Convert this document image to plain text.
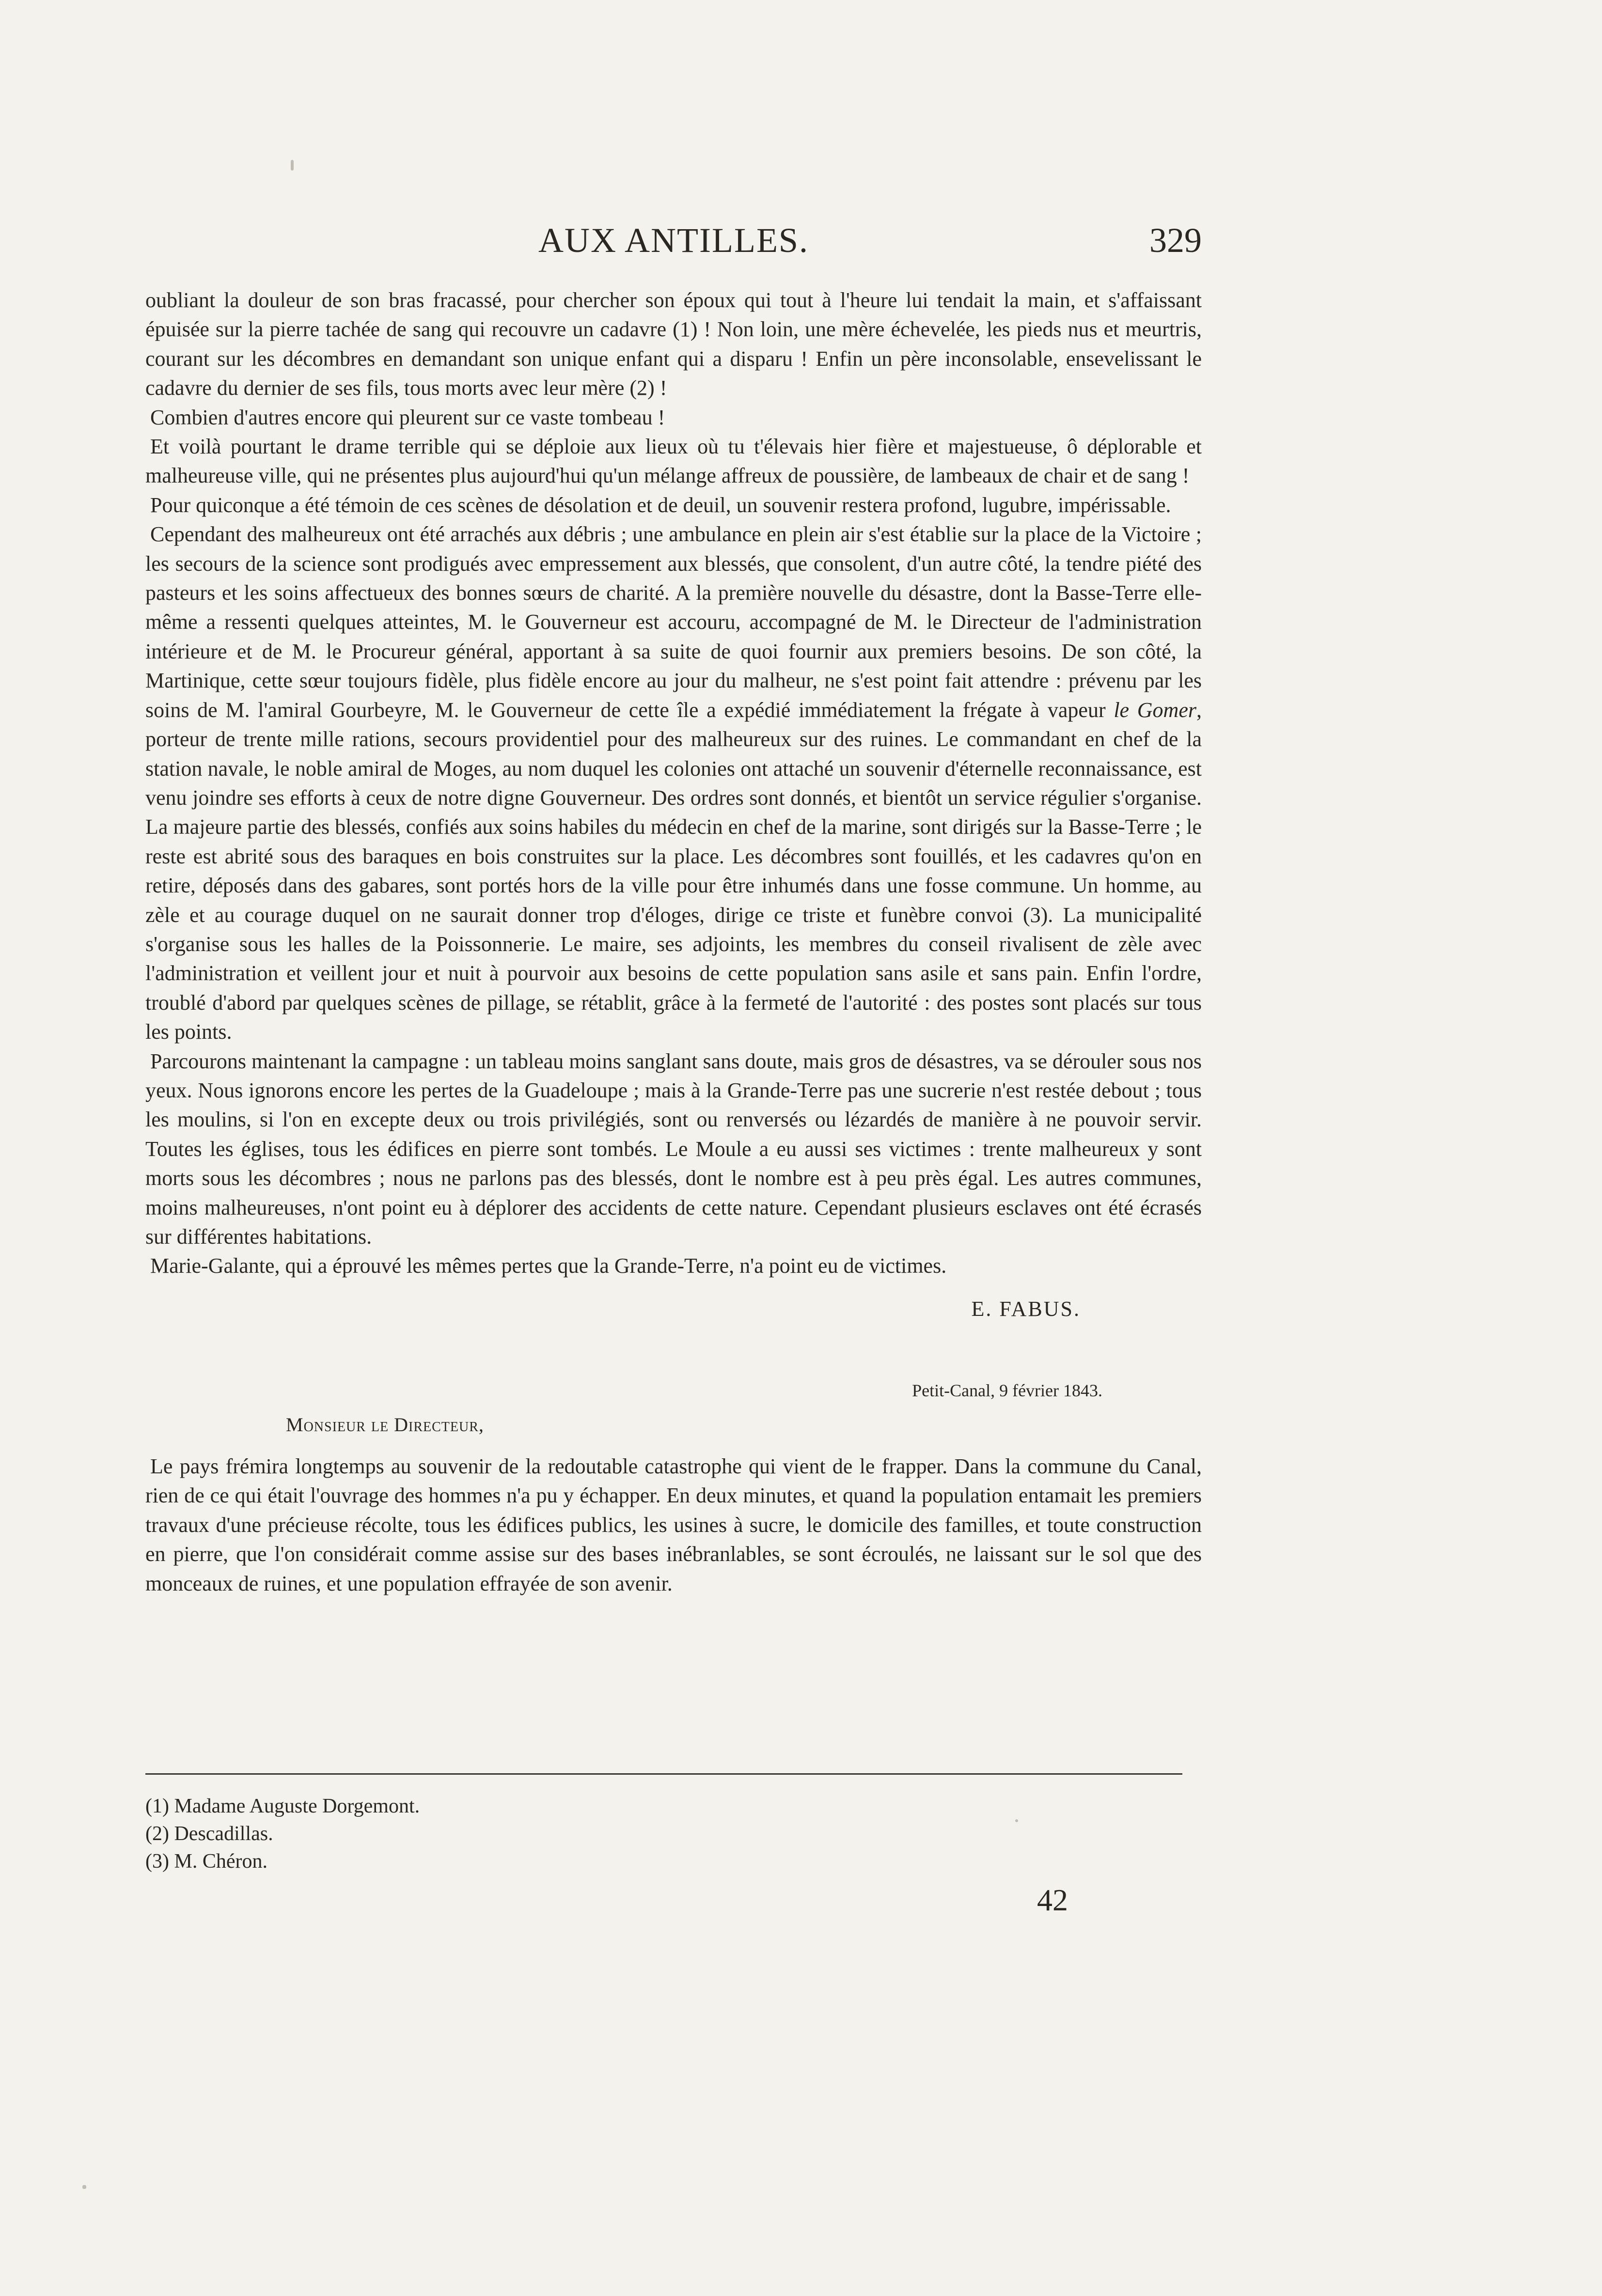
AUX ANTILLES.	329

oubliant la douleur de son bras fracassé, pour chercher son époux qui tout à l'heure lui tendait la main, et s'affaissant épuisée sur la pierre tachée de sang qui recouvre un cadavre (1) ! Non loin, une mère échevelée, les pieds nus et meurtris, courant sur les décombres en demandant son unique enfant qui a disparu ! Enfin un père inconsolable, ensevelissant le cadavre du dernier de ses fils, tous morts avec leur mère (2) !

Combien d'autres encore qui pleurent sur ce vaste tombeau !

Et voilà pourtant le drame terrible qui se déploie aux lieux où tu t'élevais hier fière et majestueuse, ô déplorable et malheureuse ville, qui ne présentes plus aujourd'hui qu'un mélange affreux de poussière, de lambeaux de chair et de sang !

Pour quiconque a été témoin de ces scènes de désolation et de deuil, un souvenir restera profond, lugubre, impérissable.

Cependant des malheureux ont été arrachés aux débris ; une ambulance en plein air s'est établie sur la place de la Victoire ; les secours de la science sont prodigués avec empressement aux blessés, que consolent, d'un autre côté, la tendre piété des pasteurs et les soins affectueux des bonnes sœurs de charité. A la première nouvelle du désastre, dont la Basse-Terre elle-même a ressenti quelques atteintes, M. le Gouverneur est accouru, accompagné de M. le Directeur de l'administration intérieure et de M. le Procureur général, apportant à sa suite de quoi fournir aux premiers besoins. De son côté, la Martinique, cette sœur toujours fidèle, plus fidèle encore au jour du malheur, ne s'est point fait attendre : prévenu par les soins de M. l'amiral Gourbeyre, M. le Gouverneur de cette île a expédié immédiatement la frégate à vapeur le Gomer, porteur de trente mille rations, secours providentiel pour des malheureux sur des ruines. Le commandant en chef de la station navale, le noble amiral de Moges, au nom duquel les colonies ont attaché un souvenir d'éternelle reconnaissance, est venu joindre ses efforts à ceux de notre digne Gouverneur. Des ordres sont donnés, et bientôt un service régulier s'organise. La majeure partie des blessés, confiés aux soins habiles du médecin en chef de la marine, sont dirigés sur la Basse-Terre ; le reste est abrité sous des baraques en bois construites sur la place. Les décombres sont fouillés, et les cadavres qu'on en retire, déposés dans des gabares, sont portés hors de la ville pour être inhumés dans une fosse commune. Un homme, au zèle et au courage duquel on ne saurait donner trop d'éloges, dirige ce triste et funèbre convoi (3). La municipalité s'organise sous les halles de la Poissonnerie. Le maire, ses adjoints, les membres du conseil rivalisent de zèle avec l'administration et veillent jour et nuit à pourvoir aux besoins de cette population sans asile et sans pain. Enfin l'ordre, troublé d'abord par quelques scènes de pillage, se rétablit, grâce à la fermeté de l'autorité : des postes sont placés sur tous les points.

Parcourons maintenant la campagne : un tableau moins sanglant sans doute, mais gros de désastres, va se dérouler sous nos yeux. Nous ignorons encore les pertes de la Guadeloupe ; mais à la Grande-Terre pas une sucrerie n'est restée debout ; tous les moulins, si l'on en excepte deux ou trois privilégiés, sont ou renversés ou lézardés de manière à ne pouvoir servir. Toutes les églises, tous les édifices en pierre sont tombés. Le Moule a eu aussi ses victimes : trente malheureux y sont morts sous les décombres ; nous ne parlons pas des blessés, dont le nombre est à peu près égal. Les autres communes, moins malheureuses, n'ont point eu à déplorer des accidents de cette nature. Cependant plusieurs esclaves ont été écrasés sur différentes habitations.

Marie-Galante, qui a éprouvé les mêmes pertes que la Grande-Terre, n'a point eu de victimes.

E. FABUS.

Petit-Canal, 9 février 1843.

Monsieur le Directeur,

Le pays frémira longtemps au souvenir de la redoutable catastrophe qui vient de le frapper. Dans la commune du Canal, rien de ce qui était l'ouvrage des hommes n'a pu y échapper. En deux minutes, et quand la population entamait les premiers travaux d'une précieuse récolte, tous les édifices publics, les usines à sucre, le domicile des familles, et toute construction en pierre, que l'on considérait comme assise sur des bases inébranlables, se sont écroulés, ne laissant sur le sol que des monceaux de ruines, et une population effrayée de son avenir.

(1) Madame Auguste Dorgemont.
(2) Descadillas.
(3) M. Chéron.
42
